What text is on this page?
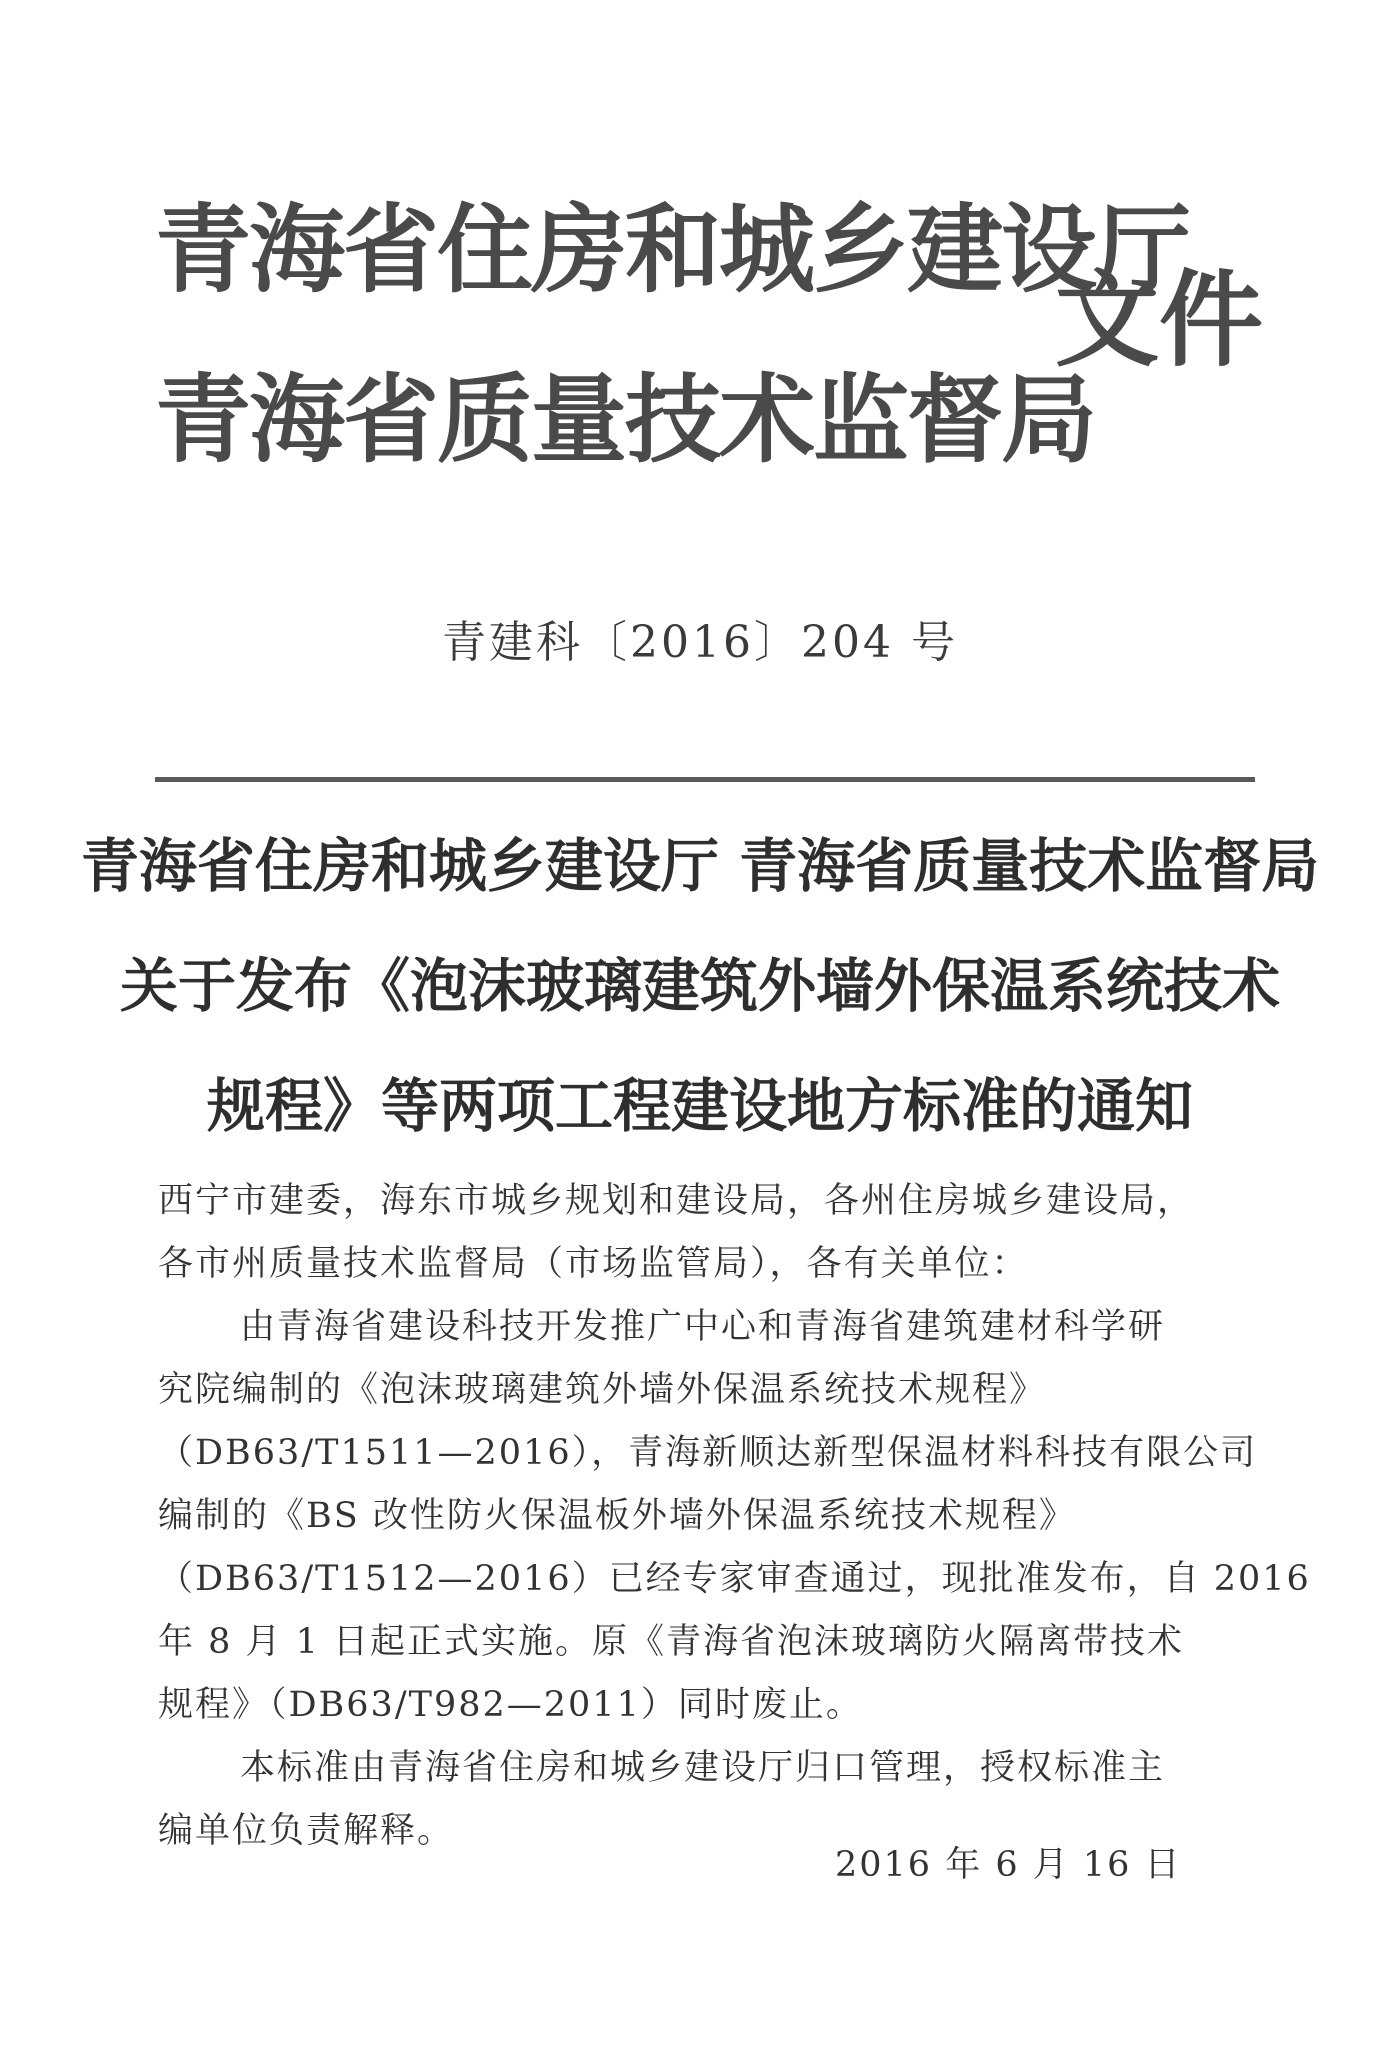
青海省住房和城乡建设厅
青海省质量技术监督局
文件
青建科〔2016〕204 号
青海省住房和城乡建设厅 青海省质量技术监督局
关于发布《泡沫玻璃建筑外墙外保温系统技术
规程》等两项工程建设地方标准的通知
西宁市建委，海东市城乡规划和建设局，各州住房城乡建设局，
各市州质量技术监督局（市场监管局），各有关单位：
由青海省建设科技开发推广中心和青海省建筑建材科学研
究院编制的《泡沫玻璃建筑外墙外保温系统技术规程》
（DB63/T1511—2016），青海新顺达新型保温材料科技有限公司
编制的《BS 改性防火保温板外墙外保温系统技术规程》
（DB63/T1512—2016）已经专家审查通过，现批准发布，自 2016
年 8 月 1 日起正式实施。原《青海省泡沫玻璃防火隔离带技术
规程》（DB63/T982—2011）同时废止。
本标准由青海省住房和城乡建设厅归口管理，授权标准主
编单位负责解释。
2016 年 6 月 16 日
